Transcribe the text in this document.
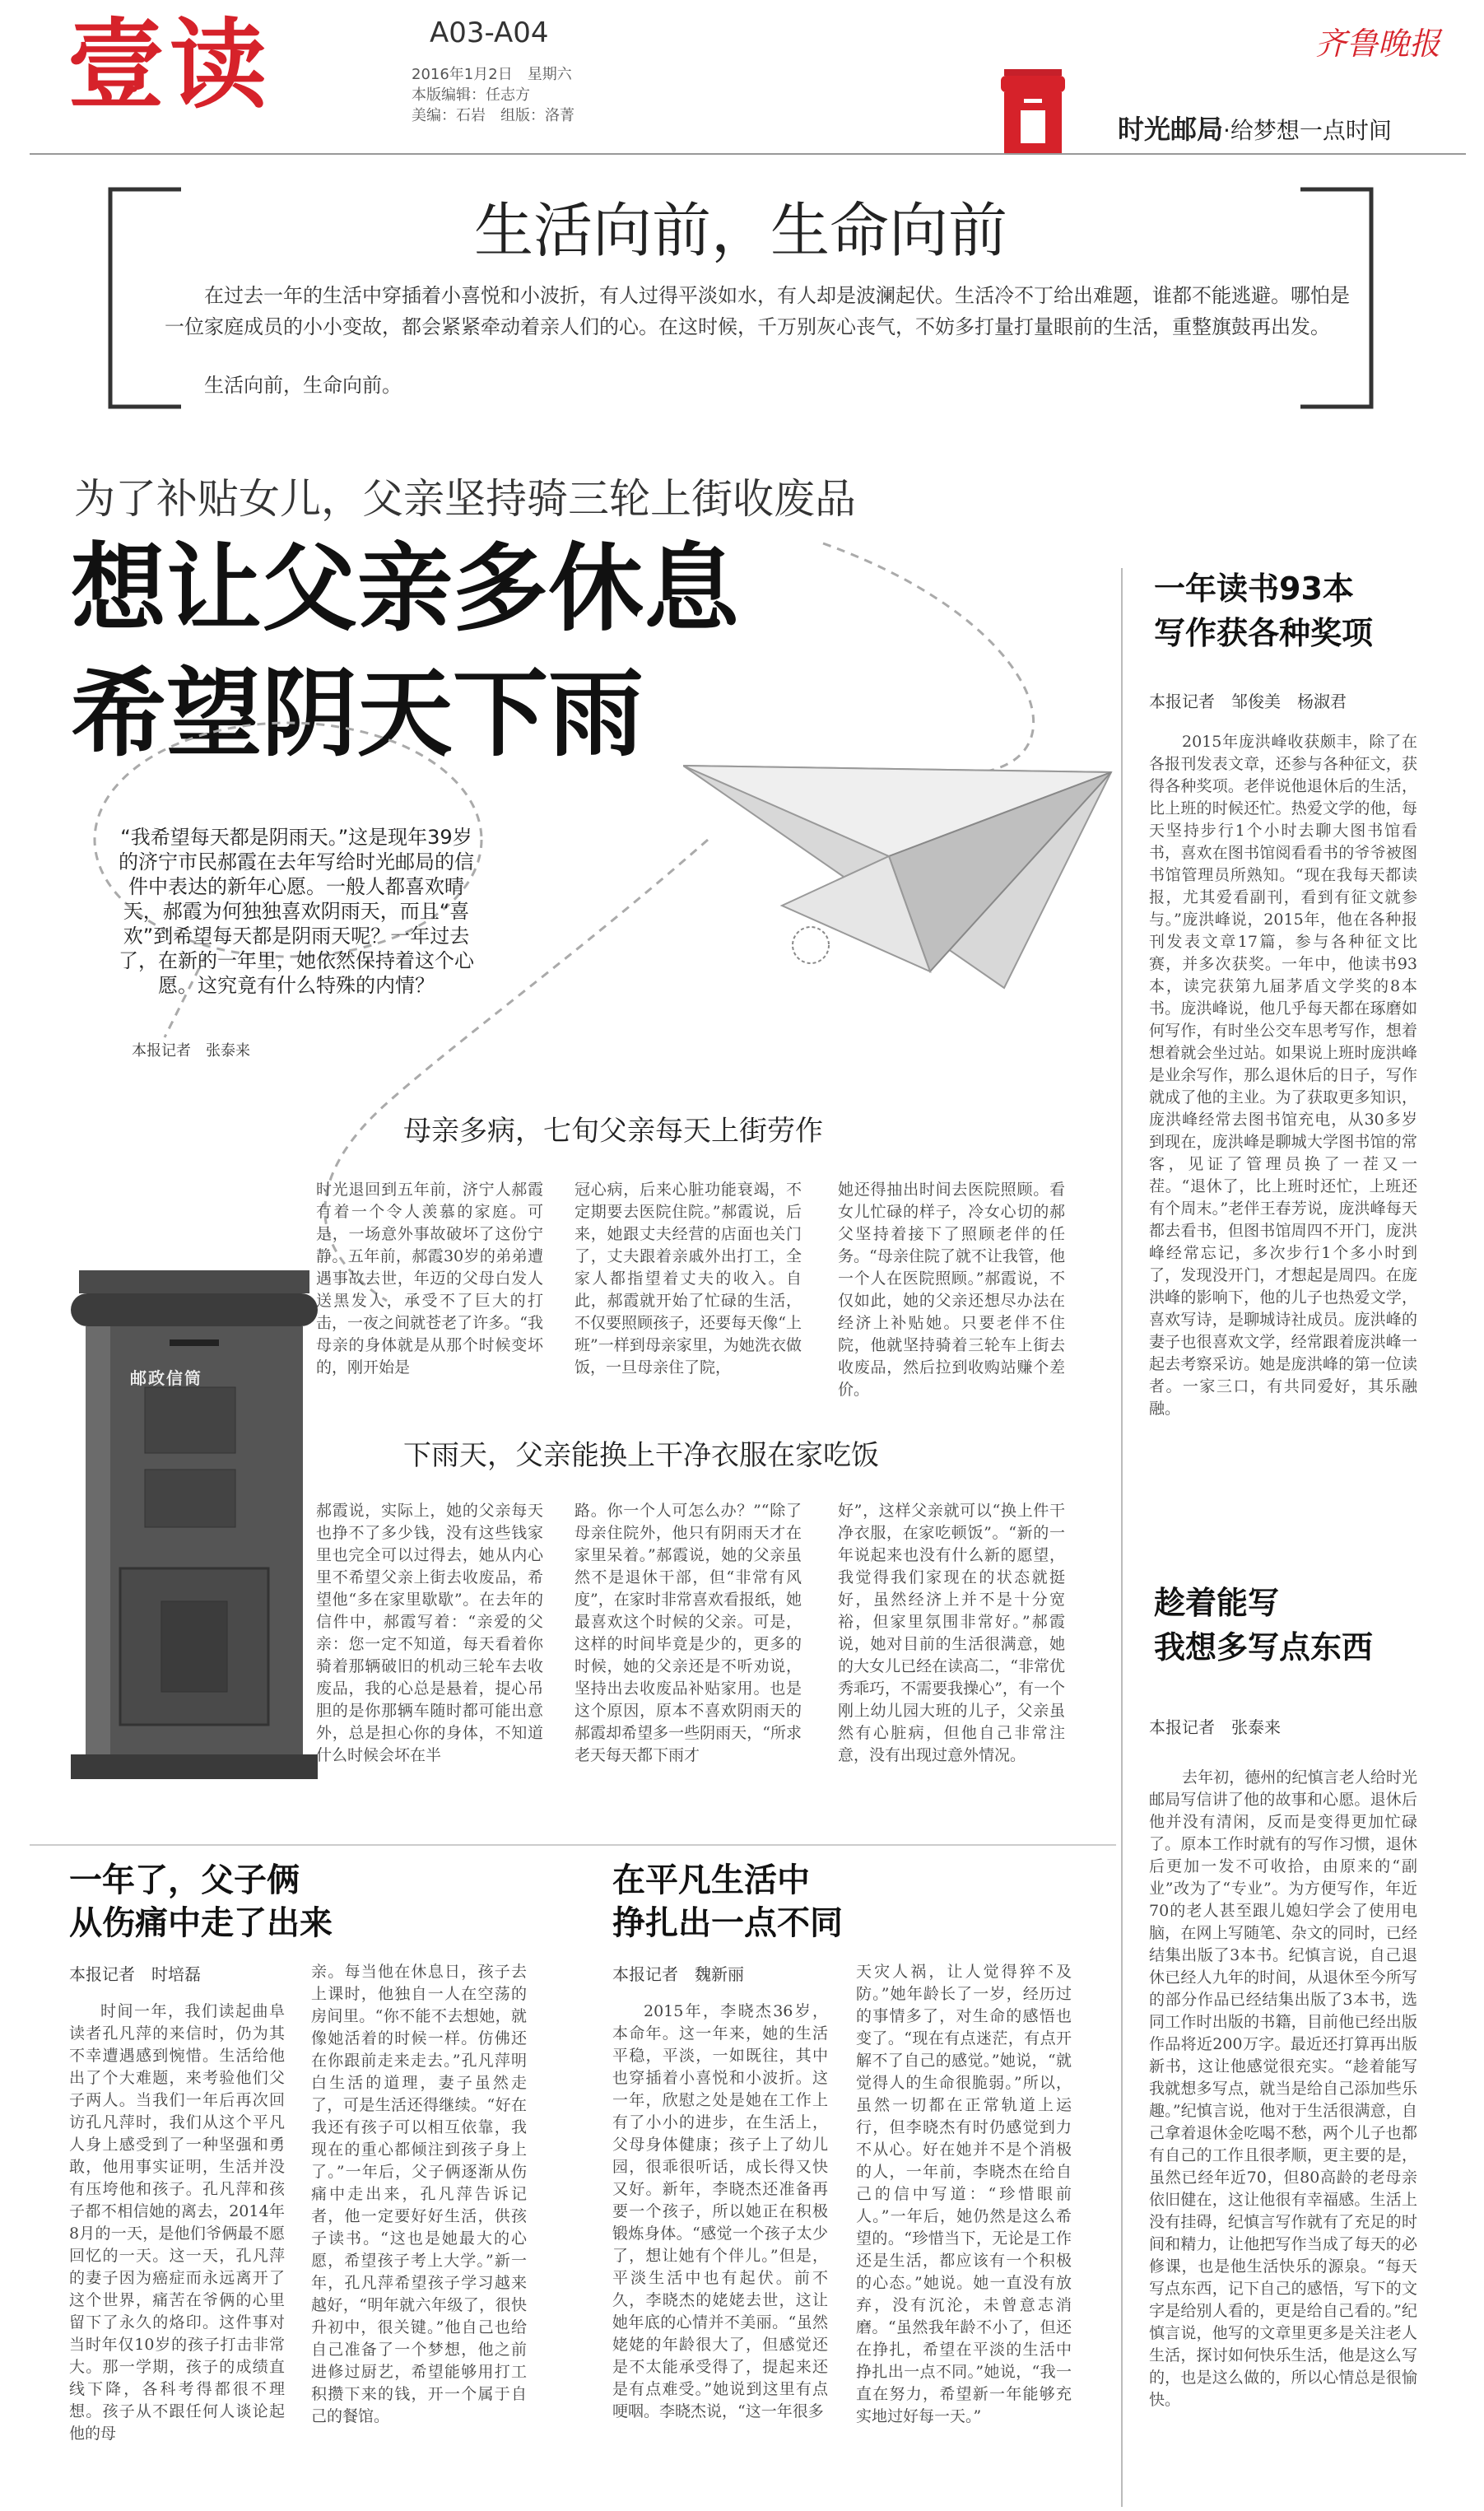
壹读	A03-A04
2016年1月2日　星期六
本版编辑：任志方
美编：石岩　组版：洛菁
齐鲁晚报
时光邮局·给梦想一点时间
生活向前，生命向前
在过去一年的生活中穿插着小喜悦和小波折，有人过得平淡如水，有人却是波澜起伏。生活冷不丁给出难题，谁都不能逃避。哪怕是一位家庭成员的小小变故，都会紧紧牵动着亲人们的心。在这时候，千万别灰心丧气，不妨多打量打量眼前的生活，重整旗鼓再出发。
生活向前，生命向前。
为了补贴女儿，父亲坚持骑三轮上街收废品
想让父亲多休息
希望阴天下雨
“我希望每天都是阴雨天。”这是现年39岁的济宁市民郝霞在去年写给时光邮局的信件中表达的新年心愿。一般人都喜欢晴天，郝霞为何独独喜欢阴雨天，而且“喜欢”到希望每天都是阴雨天呢？一年过去了，在新的一年里，她依然保持着这个心愿。这究竟有什么特殊的内情？
本报记者　张泰来
邮政信筒
母亲多病，七旬父亲每天上街劳作
时光退回到五年前，济宁人郝霞有着一个令人羡慕的家庭。可是，一场意外事故破坏了这份宁静。五年前，郝霞30岁的弟弟遭遇事故去世，年迈的父母白发人送黑发人，承受不了巨大的打击，一夜之间就苍老了许多。“我母亲的身体就是从那个时候变坏的，刚开始是
冠心病，后来心脏功能衰竭，不定期要去医院住院。”郝霞说，后来，她跟丈夫经营的店面也关门了，丈夫跟着亲戚外出打工，全家人都指望着丈夫的收入。自此，郝霞就开始了忙碌的生活，不仅要照顾孩子，还要每天像“上班”一样到母亲家里，为她洗衣做饭，一旦母亲住了院，
她还得抽出时间去医院照顾。看女儿忙碌的样子，冷女心切的郝父坚持着接下了照顾老伴的任务。“母亲住院了就不让我管，他一个人在医院照顾。”郝霞说，不仅如此，她的父亲还想尽办法在经济上补贴她。只要老伴不住院，他就坚持骑着三轮车上街去收废品，然后拉到收购站赚个差价。
下雨天，父亲能换上干净衣服在家吃饭
郝霞说，实际上，她的父亲每天也挣不了多少钱，没有这些钱家里也完全可以过得去，她从内心里不希望父亲上街去收废品，希望他“多在家里歇歇”。在去年的信件中，郝霞写着：“亲爱的父亲：您一定不知道，每天看着你骑着那辆破旧的机动三轮车去收废品，我的心总是悬着，提心吊胆的是你那辆车随时都可能出意外，总是担心你的身体，不知道什么时候会坏在半
路。你一个人可怎么办？”“除了母亲住院外，他只有阴雨天才在家里呆着。”郝霞说，她的父亲虽然不是退休干部，但“非常有风度”，在家时非常喜欢看报纸，她最喜欢这个时候的父亲。可是，这样的时间毕竟是少的，更多的时候，她的父亲还是不听劝说，坚持出去收废品补贴家用。也是这个原因，原本不喜欢阴雨天的郝霞却希望多一些阴雨天，“所求老天每天都下雨才
好”，这样父亲就可以“换上件干净衣服，在家吃顿饭”。“新的一年说起来也没有什么新的愿望，我觉得我们家现在的状态就挺好，虽然经济上并不是十分宽裕，但家里氛围非常好。”郝霞说，她对目前的生活很满意，她的大女儿已经在读高二，“非常优秀乖巧，不需要我操心”，有一个刚上幼儿园大班的儿子，父亲虽然有心脏病，但他自己非常注意，没有出现过意外情况。
一年读书93本
写作获各种奖项
本报记者　邹俊美　杨淑君
2015年庞洪峰收获颇丰，除了在各报刊发表文章，还参与各种征文，获得各种奖项。老伴说他退休后的生活，比上班的时候还忙。热爱文学的他，每天坚持步行1个小时去聊大图书馆看书，喜欢在图书馆阅看看书的爷爷被图书馆管理员所熟知。“现在我每天都读报，尤其爱看副刊，看到有征文就参与。”庞洪峰说，2015年，他在各种报刊发表文章17篇，参与各种征文比赛，并多次获奖。一年中，他读书93本，读完获第九届茅盾文学奖的8本书。庞洪峰说，他几乎每天都在琢磨如何写作，有时坐公交车思考写作，想着想着就会坐过站。如果说上班时庞洪峰是业余写作，那么退休后的日子，写作就成了他的主业。为了获取更多知识，庞洪峰经常去图书馆充电，从30多岁到现在，庞洪峰是聊城大学图书馆的常客，见证了管理员换了一茬又一茬。“退休了，比上班时还忙，上班还有个周末。”老伴王春芳说，庞洪峰每天都去看书，但图书馆周四不开门，庞洪峰经常忘记，多次步行1个多小时到了，发现没开门，才想起是周四。在庞洪峰的影响下，他的儿子也热爱文学，喜欢写诗，是聊城诗社成员。庞洪峰的妻子也很喜欢文学，经常跟着庞洪峰一起去考察采访。她是庞洪峰的第一位读者。一家三口，有共同爱好，其乐融融。
趁着能写
我想多写点东西
本报记者　张泰来
去年初，德州的纪慎言老人给时光邮局写信讲了他的故事和心愿。退休后他并没有清闲，反而是变得更加忙碌了。原本工作时就有的写作习惯，退休后更加一发不可收拾，由原来的“副业”改为了“专业”。为方便写作，年近70的老人甚至跟儿媳妇学会了使用电脑，在网上写随笔、杂文的同时，已经结集出版了3本书。纪慎言说，自己退休已经人九年的时间，从退休至今所写的部分作品已经结集出版了3本书，选同工作时出版的书籍，目前他已经出版作品将近200万字。最近还打算再出版新书，这让他感觉很充实。“趁着能写我就想多写点，就当是给自己添加些乐趣。”纪慎言说，他对于生活很满意，自己拿着退休金吃喝不愁，两个儿子也都有自己的工作且很孝顺，更主要的是，虽然已经年近70，但80高龄的老母亲依旧健在，这让他很有幸福感。生活上没有挂碍，纪慎言写作就有了充足的时间和精力，让他把写作当成了每天的必修课，也是他生活快乐的源泉。“每天写点东西，记下自己的感悟，写下的文字是给别人看的，更是给自己看的。”纪慎言说，他写的文章里更多是关注老人生活，探讨如何快乐生活，他是这么写的，也是这么做的，所以心情总是很愉快。
一年了，父子俩
从伤痛中走了出来
本报记者　时培磊
时间一年，我们读起曲阜读者孔凡萍的来信时，仍为其不幸遭遇感到惋惜。生活给他出了个大难题，来考验他们父子两人。当我们一年后再次回访孔凡萍时，我们从这个平凡人身上感受到了一种坚强和勇敢，他用事实证明，生活并没有压垮他和孩子。孔凡萍和孩子都不相信她的离去，2014年8月的一天，是他们爷俩最不愿回忆的一天。这一天，孔凡萍的妻子因为癌症而永远离开了这个世界，痛苦在爷俩的心里留下了永久的烙印。这件事对当时年仅10岁的孩子打击非常大。那一学期，孩子的成绩直线下降，各科考得都很不理想。孩子从不跟任何人谈论起他的母
亲。每当他在休息日，孩子去上课时，他独自一人在空荡的房间里。“你不能不去想她，就像她活着的时候一样。仿佛还在你跟前走来走去。”孔凡萍明白生活的道理，妻子虽然走了，可是生活还得继续。“好在我还有孩子可以相互依靠，我现在的重心都倾注到孩子身上了。”一年后，父子俩逐渐从伤痛中走出来，孔凡萍告诉记者，他一定要好好生活，供孩子读书。“这也是她最大的心愿，希望孩子考上大学。”新一年，孔凡萍希望孩子学习越来越好，“明年就六年级了，很快升初中，很关键。”他自己也给自己准备了一个梦想，他之前进修过厨艺，希望能够用打工积攒下来的钱，开一个属于自己的餐馆。
在平凡生活中
挣扎出一点不同
本报记者　魏新丽
2015年，李晓杰36岁，本命年。这一年来，她的生活平稳，平淡，一如既往，其中也穿插着小喜悦和小波折。这一年，欣慰之处是她在工作上有了小小的进步，在生活上，父母身体健康；孩子上了幼儿园，很乖很听话，成长得又快又好。新年，李晓杰还准备再要一个孩子，所以她正在积极锻炼身体。“感觉一个孩子太少了，想让她有个伴儿。”但是，平淡生活中也有起伏。前不久，李晓杰的姥姥去世，这让她年底的心情并不美丽。“虽然姥姥的年龄很大了，但感觉还是不太能承受得了，提起来还是有点难受。”她说到这里有点哽咽。李晓杰说，“这一年很多
天灾人祸，让人觉得猝不及防。”她年龄长了一岁，经历过的事情多了，对生命的感悟也变了。“现在有点迷茫，有点开解不了自己的感觉。”她说，“就觉得人的生命很脆弱。”所以，虽然一切都在正常轨道上运行，但李晓杰有时仍感觉到力不从心。好在她并不是个消极的人，一年前，李晓杰在给自己的信中写道：“珍惜眼前人。”一年后，她仍然是这么希望的。“珍惜当下，无论是工作还是生活，都应该有一个积极的心态。”她说。她一直没有放弃，没有沉沦，未曾意志消磨。“虽然我年龄不小了，但还在挣扎，希望在平淡的生活中挣扎出一点不同。”她说，“我一直在努力，希望新一年能够充实地过好每一天。”
